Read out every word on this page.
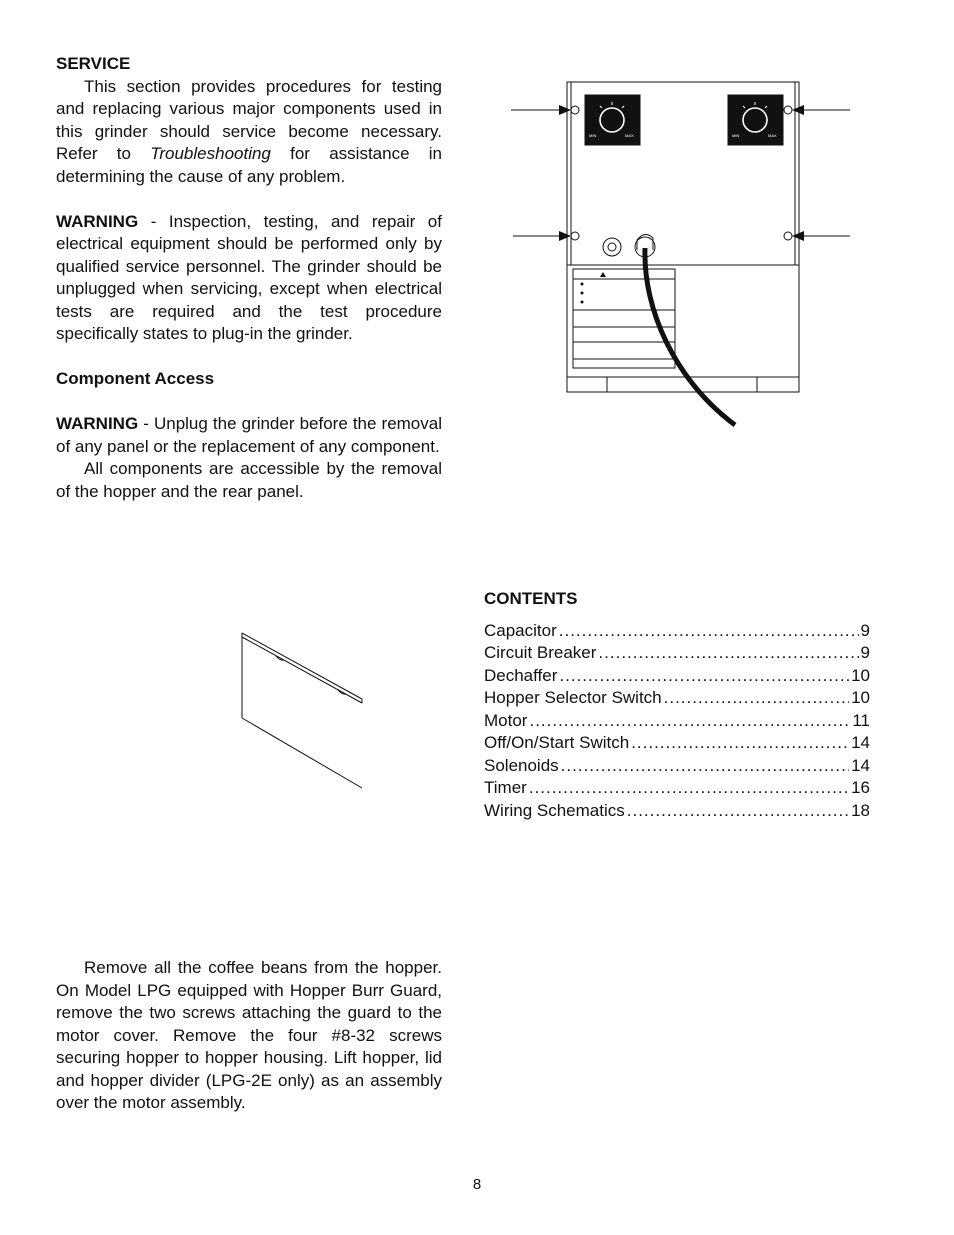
SERVICE

This section provides procedures for testing and replacing various major components used in this grinder should service become necessary. Refer to Troubleshooting for assistance in determining the cause of any problem.

WARNING - Inspection, testing, and repair of electrical equipment should be performed only by qualified service personnel. The grinder should be unplugged when servicing, except when electrical tests are required and the test procedure specifically states to plug-in the grinder.

Component Access

WARNING - Unplug the grinder before the removal of any panel or the replacement of any component.

All components are accessible by the removal of the hopper and the rear panel.

MIN	MAX	MIN	MAX

CONTENTS

Capacitor .....	9
Circuit Breaker .....	9
Dechaffer .....	10
Hopper Selector Switch .....	10
Motor .....	11
Off/On/Start Switch .....	14
Solenoids .....	14
Timer .....	16
Wiring Schematics .....	18

Remove all the coffee beans from the hopper. On Model LPG equipped with Hopper Burr Guard, remove the two screws attaching the guard to the motor cover. Remove the four #8-32 screws securing hopper to hopper housing. Lift hopper, lid and hopper divider (LPG-2E only) as an assembly over the motor assembly.

8
